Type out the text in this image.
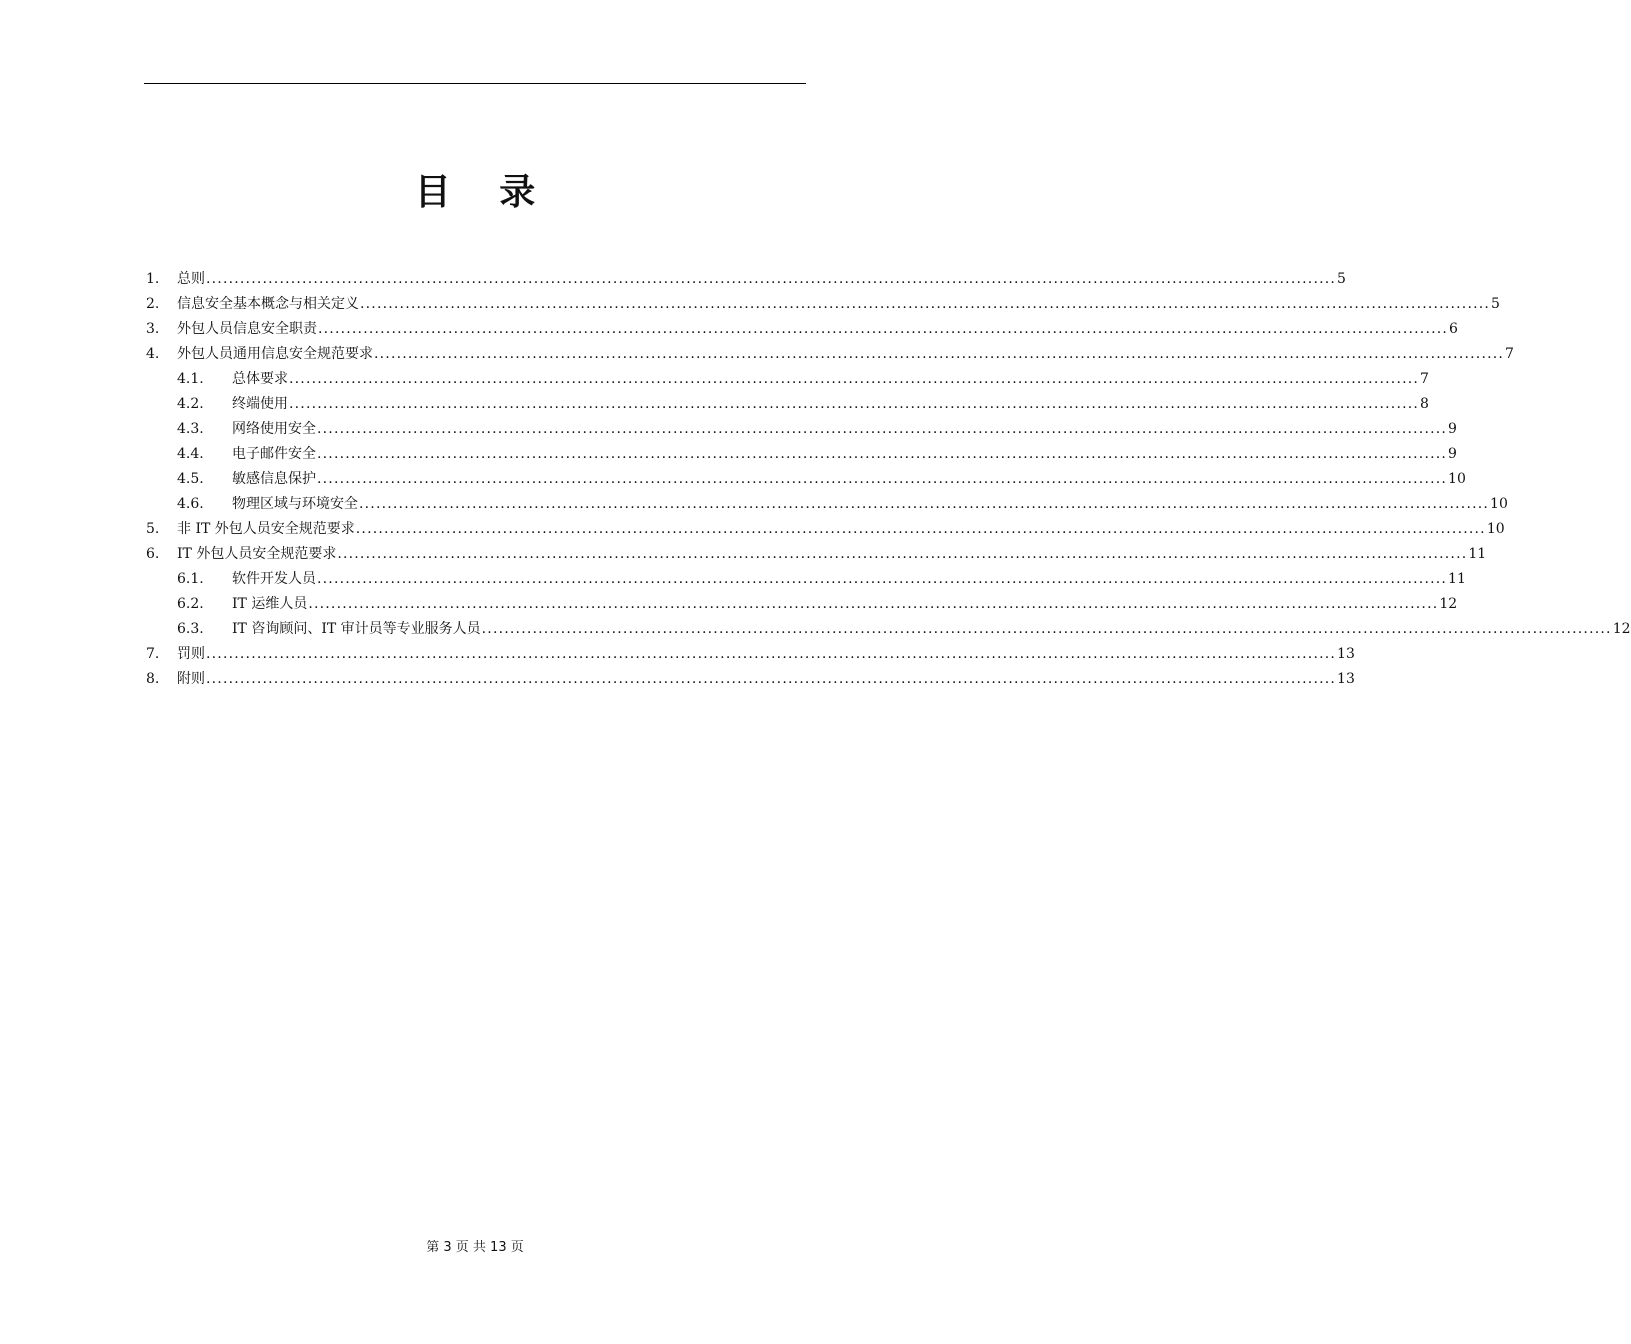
目 录
1.	总则 ........................................................................................................................................................................................................ 5
2.	信息安全基本概念与相关定义 ........................................................................................................................................................................................................ 5
3.	外包人员信息安全职责 ........................................................................................................................................................................................................ 6
4.	外包人员通用信息安全规范要求 ........................................................................................................................................................................................................ 7
4.1.	总体要求 ........................................................................................................................................................................................................ 7
4.2.	终端使用 ........................................................................................................................................................................................................ 8
4.3.	网络使用安全 ........................................................................................................................................................................................................ 9
4.4.	电子邮件安全 ........................................................................................................................................................................................................ 9
4.5.	敏感信息保护 ........................................................................................................................................................................................................ 10
4.6.	物理区域与环境安全 ........................................................................................................................................................................................................ 10
5.	非 IT 外包人员安全规范要求 ........................................................................................................................................................................................................ 10
6.	IT 外包人员安全规范要求 ........................................................................................................................................................................................................ 11
6.1.	软件开发人员 ........................................................................................................................................................................................................ 11
6.2.	IT 运维人员 ........................................................................................................................................................................................................ 12
6.3.	IT 咨询顾问、IT 审计员等专业服务人员 ........................................................................................................................................................................................................ 12
7.	罚则 ........................................................................................................................................................................................................ 13
8.	附则 ........................................................................................................................................................................................................ 13
第 3 页 共 13 页
